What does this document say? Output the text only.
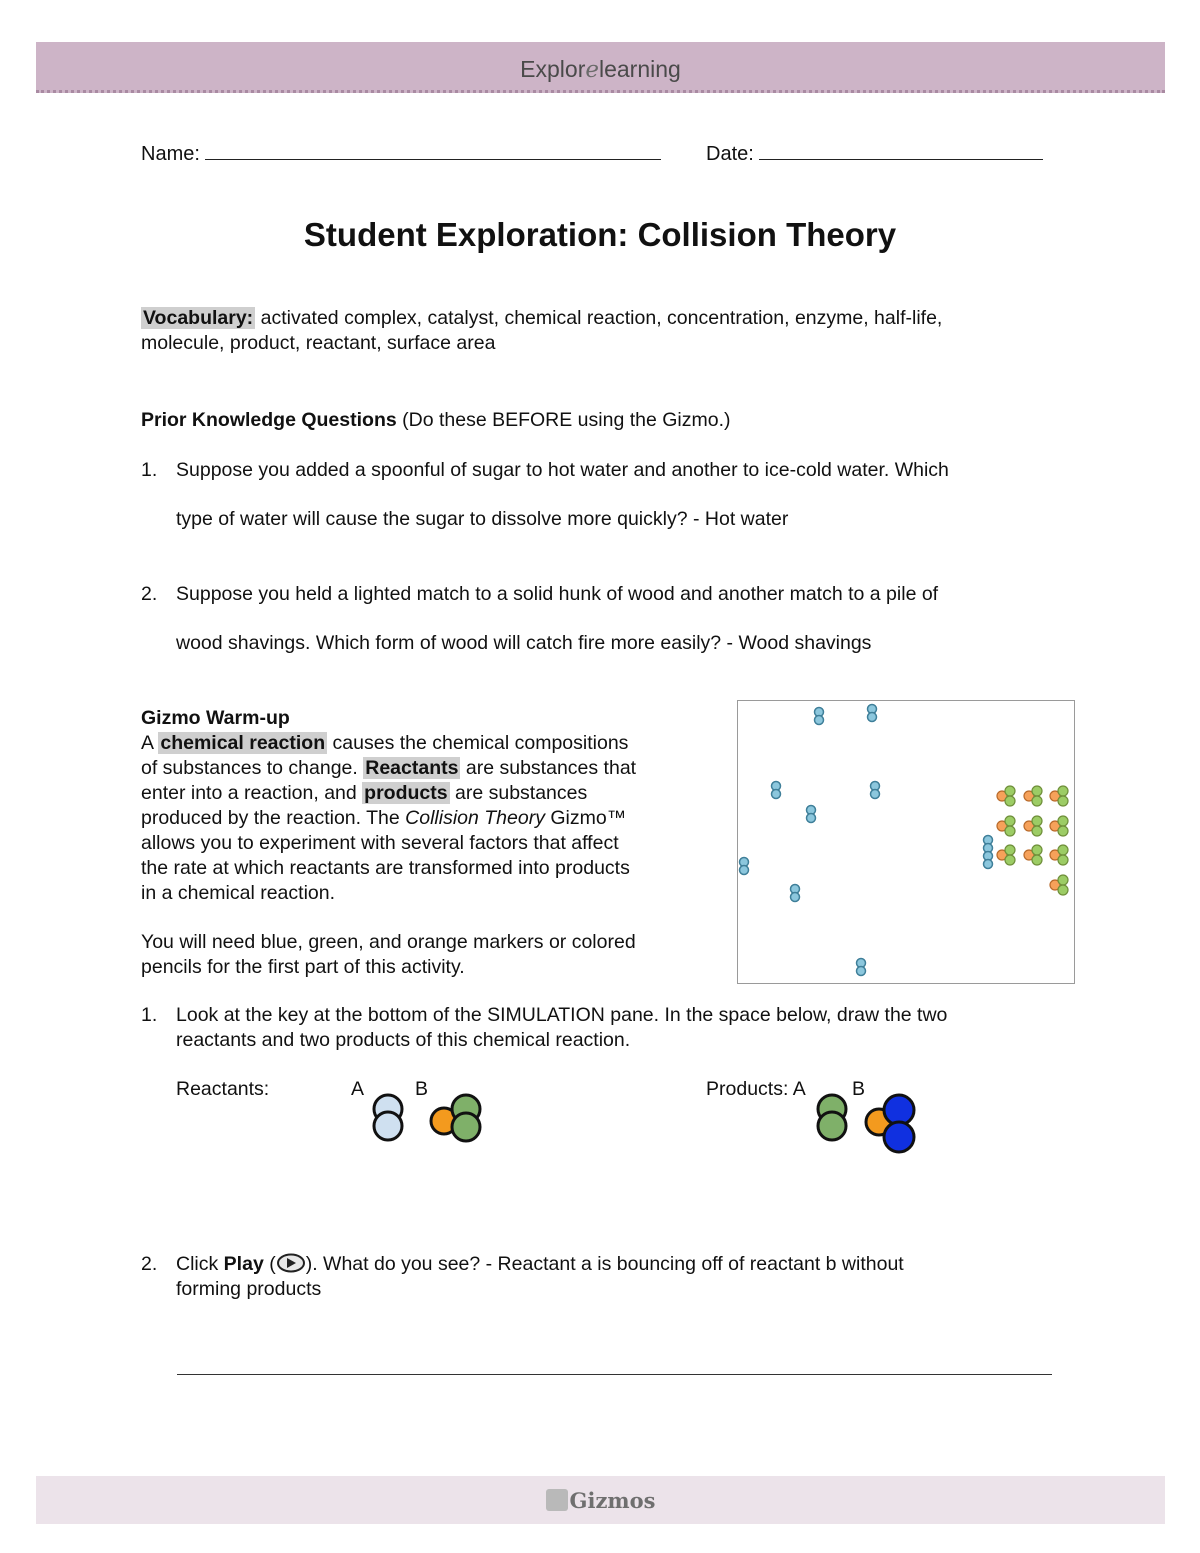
Explorelearning
Name:	Date:
Student Exploration: Collision Theory
Vocabulary: activated complex, catalyst, chemical reaction, concentration, enzyme, half-life,
molecule, product, reactant, surface area
Prior Knowledge Questions (Do these BEFORE using the Gizmo.)
1. Suppose you added a spoonful of sugar to hot water and another to ice-cold water. Which
type of water will cause the sugar to dissolve more quickly? - Hot water
2. Suppose you held a lighted match to a solid hunk of wood and another match to a pile of
wood shavings. Which form of wood will catch fire more easily? - Wood shavings
Gizmo Warm-up
A chemical reaction causes the chemical compositions
of substances to change. Reactants are substances that
enter into a reaction, and products are substances
produced by the reaction. The Collision Theory Gizmo™
allows you to experiment with several factors that affect
the rate at which reactants are transformed into products
in a chemical reaction.
You will need blue, green, and orange markers or colored
pencils for the first part of this activity.
1. Look at the key at the bottom of the SIMULATION pane. In the space below, draw the two
reactants and two products of this chemical reaction.
Reactants:	A	B	Products: A B
2. Click Play ( ). What do you see? - Reactant a is bouncing off of reactant b without
forming products
Gizmos
